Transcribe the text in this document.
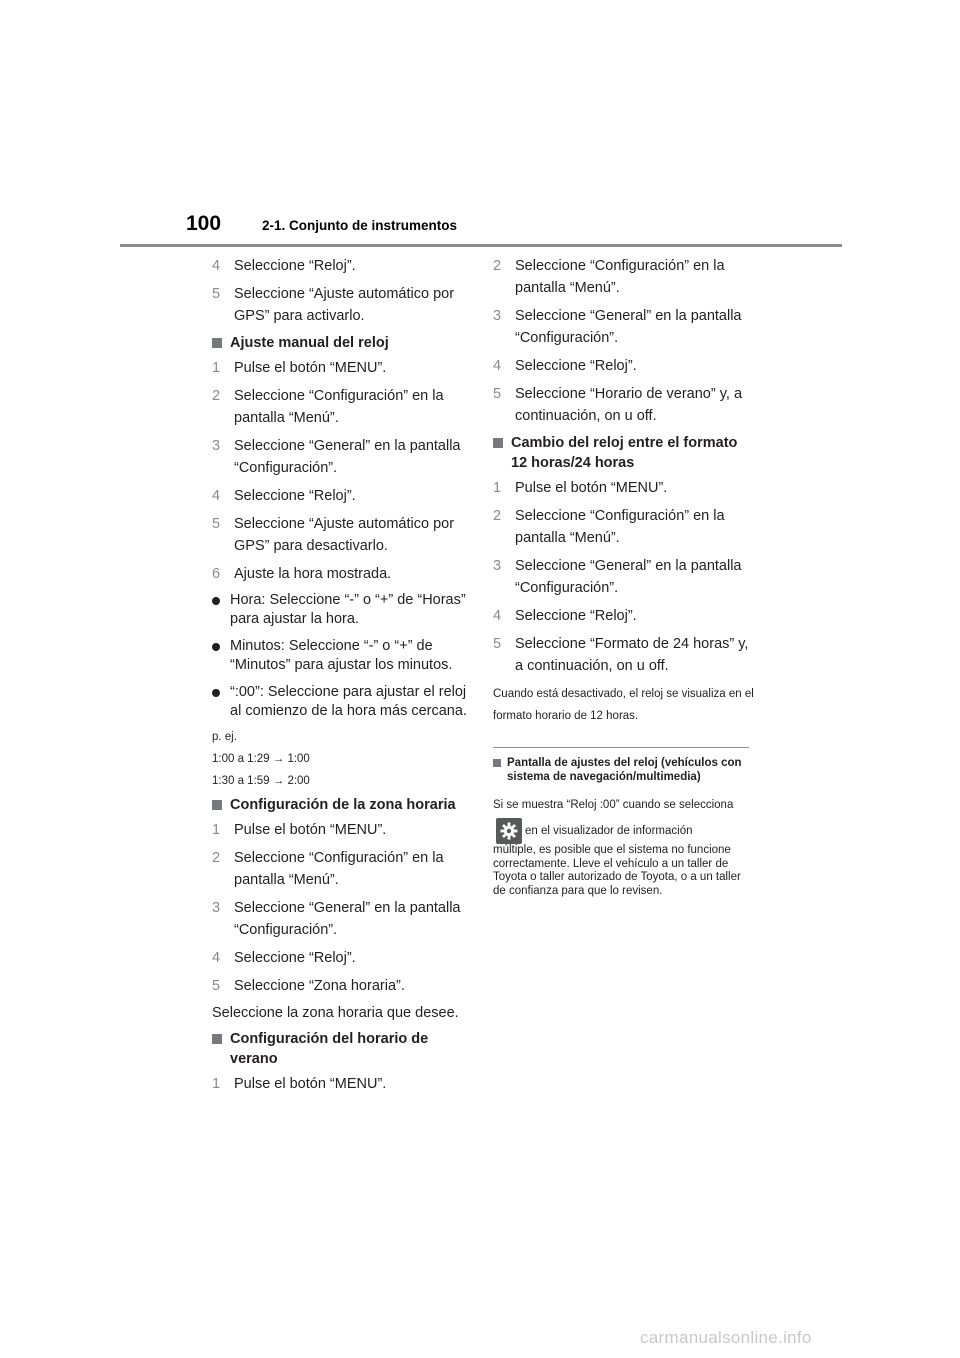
100	2-1. Conjunto de instrumentos
4 Seleccione “Reloj”.
5 Seleccione “Ajuste automático por GPS” para activarlo.
Ajuste manual del reloj
1 Pulse el botón “MENU”.
2 Seleccione “Configuración” en la pantalla “Menú”.
3 Seleccione “General” en la pantalla “Configuración”.
4 Seleccione “Reloj”.
5 Seleccione “Ajuste automático por GPS” para desactivarlo.
6 Ajuste la hora mostrada.
Hora: Seleccione “-” o “+” de “Horas” para ajustar la hora.
Minutos: Seleccione “-” o “+” de “Minutos” para ajustar los minutos.
“:00”: Seleccione para ajustar el reloj al comienzo de la hora más cercana.
p. ej.
1:00 a 1:29 → 1:00
1:30 a 1:59 → 2:00
Configuración de la zona horaria
1 Pulse el botón “MENU”.
2 Seleccione “Configuración” en la pantalla “Menú”.
3 Seleccione “General” en la pantalla “Configuración”.
4 Seleccione “Reloj”.
5 Seleccione “Zona horaria”.
Seleccione la zona horaria que desee.
Configuración del horario de verano
1 Pulse el botón “MENU”.
2 Seleccione “Configuración” en la pantalla “Menú”.
3 Seleccione “General” en la pantalla “Configuración”.
4 Seleccione “Reloj”.
5 Seleccione “Horario de verano” y, a continuación, on u off.
Cambio del reloj entre el formato 12 horas/24 horas
1 Pulse el botón “MENU”.
2 Seleccione “Configuración” en la pantalla “Menú”.
3 Seleccione “General” en la pantalla “Configuración”.
4 Seleccione “Reloj”.
5 Seleccione “Formato de 24 horas” y, a continuación, on u off.
Cuando está desactivado, el reloj se visualiza en el formato horario de 12 horas.
Pantalla de ajustes del reloj (vehículos con sistema de navegación/multimedia)
Si se muestra “Reloj :00” cuando se selecciona
en el visualizador de información
múltiple, es posible que el sistema no funcione correctamente. Lleve el vehículo a un taller de Toyota o taller autorizado de Toyota, o a un taller de confianza para que lo revisen.
carmanualsonline.info
